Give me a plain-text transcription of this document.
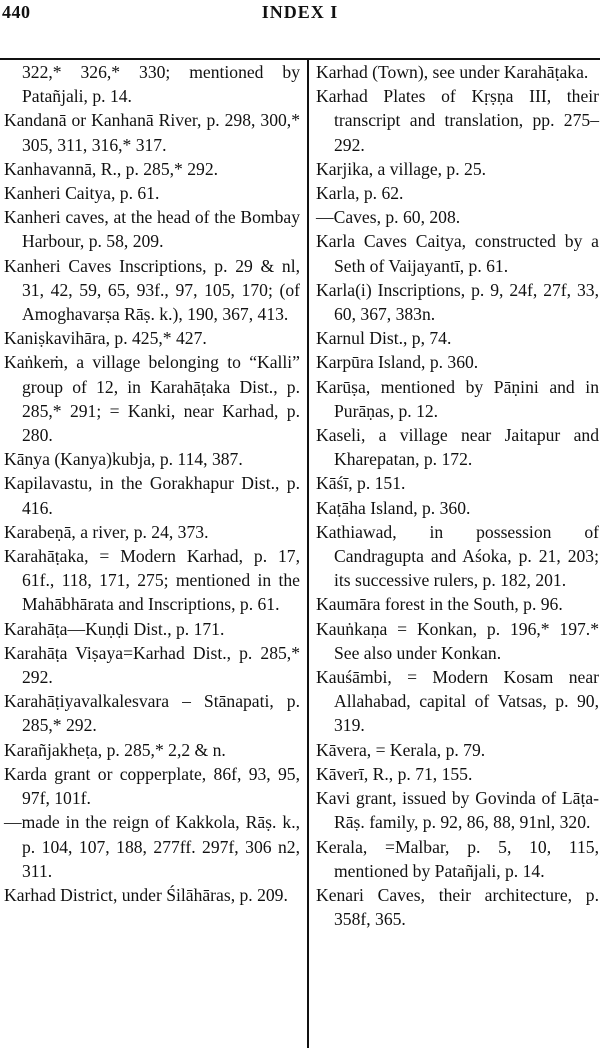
440	INDEX I

322,* 326,* 330; mentioned by Patañjali, p. 14.

Kandanā or Kanhanā River, p. 298, 300,* 305, 311, 316,* 317.

Kanhavannā, R., p. 285,* 292.

Kanheri Caitya, p. 61.

Kanheri caves, at the head of the Bombay Harbour, p. 58, 209.

Kanheri Caves Inscriptions, p. 29 & nl, 31, 42, 59, 65, 93f., 97, 105, 170; (of Amoghavarṣa Rāṣ. k.), 190, 367, 413.

Kaniṣkavihāra, p. 425,* 427.

Kaṅkeṁ, a village belonging to “Kalli” group of 12, in Karahāṭaka Dist., p. 285,* 291; = Kanki, near Karhad, p. 280.

Kānya (Kanya)kubja, p. 114, 387.

Kapilavastu, in the Gorakhapur Dist., p. 416.

Karabeṇā, a river, p. 24, 373.

Karahāṭaka, = Modern Karhad, p. 17, 61f., 118, 171, 275; mentioned in the Mahābhārata and Inscriptions, p. 61.

Karahāṭa—Kuṇḍi Dist., p. 171.

Karahāṭa Viṣaya=Karhad Dist., p. 285,* 292.

Karahāṭiyavalkalesvara – Stānapati, p. 285,* 292.

Karañjakheṭa, p. 285,* 2,2 & n.

Karda grant or copperplate, 86f, 93, 95, 97f, 101f.

—made in the reign of Kakkola, Rāṣ. k., p. 104, 107, 188, 277ff. 297f, 306 n2, 311.

Karhad District, under Śilāhāras, p. 209.

Karhad (Town), see under Karahāṭaka.

Karhad Plates of Kṛṣṇa III, their transcript and translation, pp. 275–292.

Karjika, a village, p. 25.

Karla, p. 62.

—Caves, p. 60, 208.

Karla Caves Caitya, constructed by a Seth of Vaijayantī, p. 61.

Karla(i) Inscriptions, p. 9, 24f, 27f, 33, 60, 367, 383n.

Karnul Dist., p, 74.

Karpūra Island, p. 360.

Karūṣa, mentioned by Pāṇini and in Purāṇas, p. 12.

Kaseli, a village near Jaitapur and Kharepatan, p. 172.

Kāśī, p. 151.

Kaṭāha Island, p. 360.

Kathiawad, in possession of Candragupta and Aśoka, p. 21, 203; its successive rulers, p. 182, 201.

Kaumāra forest in the South, p. 96.

Kauṅkaṇa = Konkan, p. 196,* 197.* See also under Konkan.

Kauśāmbi, = Modern Kosam near Allahabad, capital of Vatsas, p. 90, 319.

Kāvera, = Kerala, p. 79.

Kāverī, R., p. 71, 155.

Kavi grant, issued by Govinda of Lāṭa-Rāṣ. family, p. 92, 86, 88, 91nl, 320.

Kerala, =Malbar, p. 5, 10, 115, mentioned by Patañjali, p. 14.

Kenari Caves, their architecture, p. 358f, 365.
